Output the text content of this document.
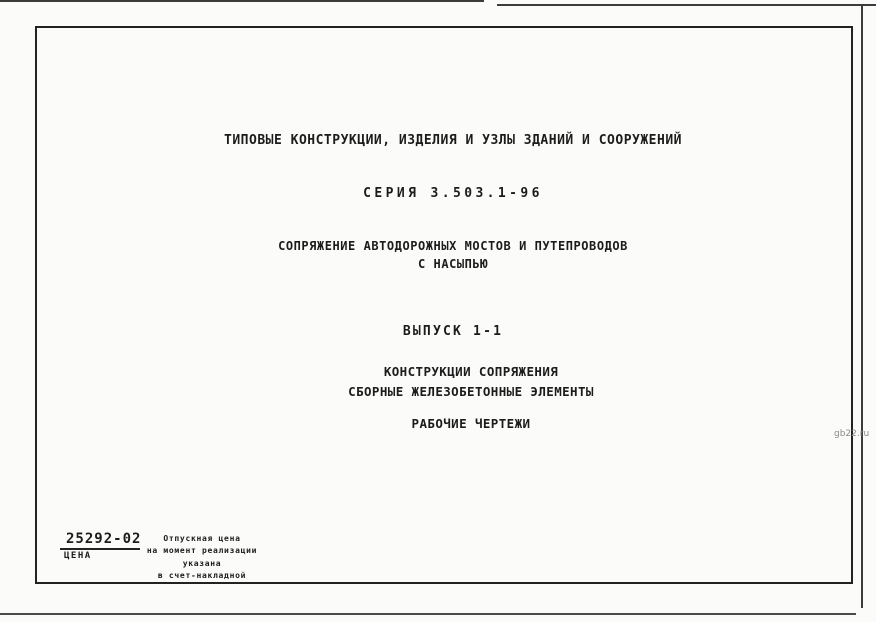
ТИПОВЫЕ КОНСТРУКЦИИ, ИЗДЕЛИЯ И УЗЛЫ ЗДАНИЙ И СООРУЖЕНИЙ
СЕРИЯ 3.503.1-96
СОПРЯЖЕНИЕ АВТОДОРОЖНЫХ МОСТОВ И ПУТЕПРОВОДОВ
С НАСЫПЬЮ
ВЫПУСК 1-1
КОНСТРУКЦИИ СОПРЯЖЕНИЯ
СБОРНЫЕ ЖЕЛЕЗОБЕТОННЫЕ ЭЛЕМЕНТЫ
РАБОЧИЕ ЧЕРТЕЖИ
25292-02
ЦЕНА
Отпускная цена
на момент реализации
указана
в счет-накладной
gb22.ru
